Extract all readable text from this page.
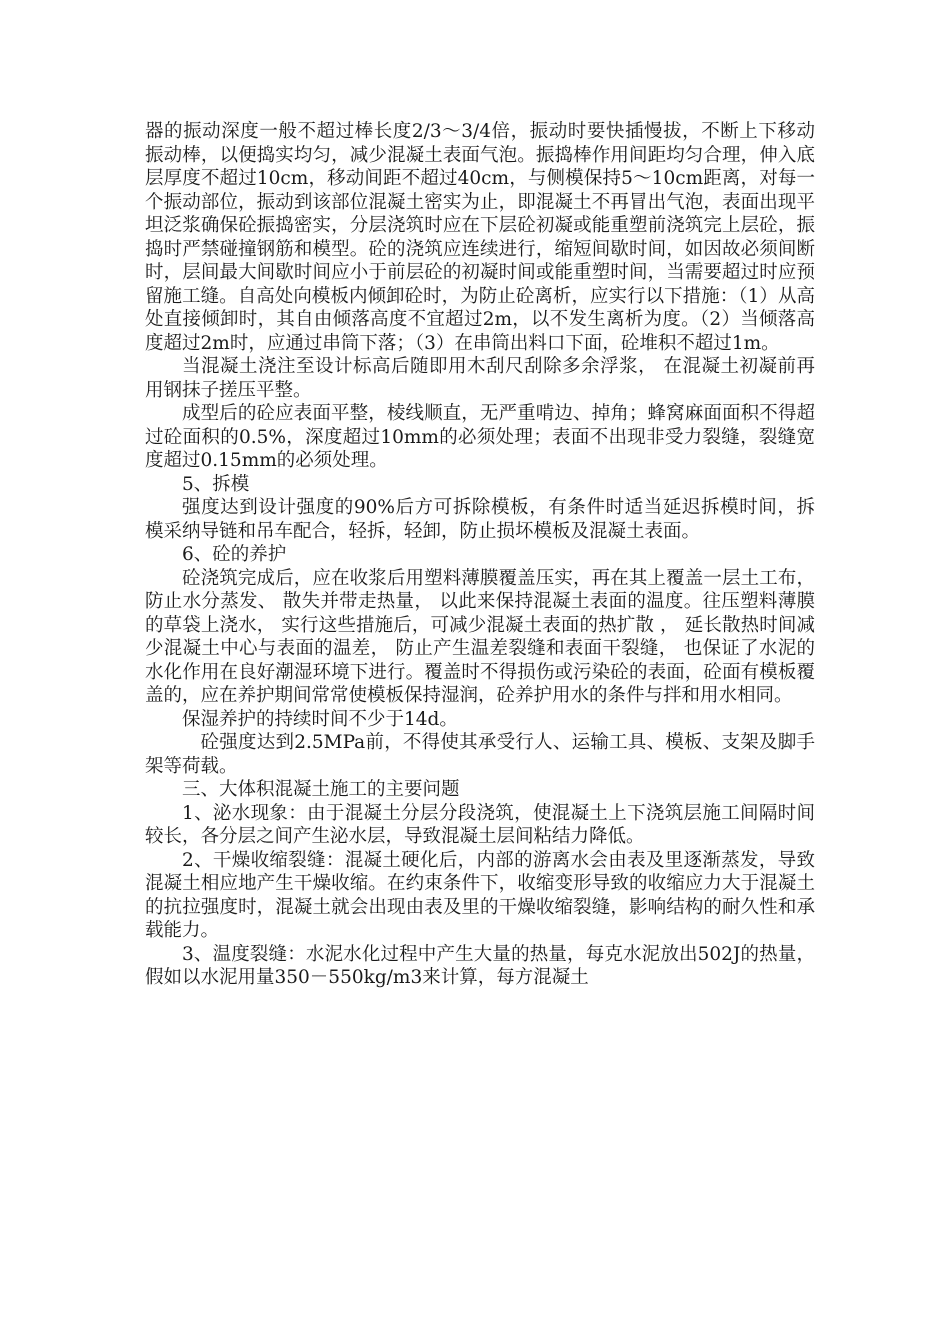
器的振动深度一般不超过棒长度2/3～3/4倍，振动时要快插慢拔，不断上下移动振动棒，以便捣实均匀，减少混凝土表面气泡。振捣棒作用间距均匀合理，伸入底层厚度不超过10cm，移动间距不超过40cm，与侧模保持5～10cm距离，对每一个振动部位，振动到该部位混凝土密实为止，即混凝土不再冒出气泡，表面出现平坦泛浆确保砼振捣密实，分层浇筑时应在下层砼初凝或能重塑前浇筑完上层砼，振捣时严禁碰撞钢筋和模型。砼的浇筑应连续进行，缩短间歇时间，如因故必须间断时，层间最大间歇时间应小于前层砼的初凝时间或能重塑时间，当需要超过时应预留施工缝。自高处向模板内倾卸砼时，为防止砼离析，应实行以下措施：（1）从高处直接倾卸时，其自由倾落高度不宜超过2m，以不发生离析为度。（2）当倾落高度超过2m时，应通过串筒下落；（3）在串筒出料口下面，砼堆积不超过1m。

当混凝土浇注至设计标高后随即用木刮尺刮除多余浮浆， 在混凝土初凝前再用钢抹子搓压平整。

成型后的砼应表面平整，棱线顺直，无严重啃边、掉角；蜂窝麻面面积不得超过砼面积的0.5%，深度超过10mm的必须处理；表面不出现非受力裂缝，裂缝宽度超过0.15mm的必须处理。

5、拆模

强度达到设计强度的90%后方可拆除模板，有条件时适当延迟拆模时间，拆模采纳导链和吊车配合，轻拆，轻卸，防止损坏模板及混凝土表面。

6、砼的养护

砼浇筑完成后，应在收浆后用塑料薄膜覆盖压实，再在其上覆盖一层土工布， 防止水分蒸发、 散失并带走热量， 以此来保持混凝土表面的温度。往压塑料薄膜的草袋上浇水， 实行这些措施后，可减少混凝土表面的热扩散 ， 延长散热时间减少混凝土中心与表面的温差， 防止产生温差裂缝和表面干裂缝， 也保证了水泥的水化作用在良好潮湿环境下进行。覆盖时不得损伤或污染砼的表面，砼面有模板覆盖的，应在养护期间常常使模板保持湿润，砼养护用水的条件与拌和用水相同。

保湿养护的持续时间不少于14d。

砼强度达到2.5MPa前，不得使其承受行人、运输工具、模板、支架及脚手架等荷载。

三、大体积混凝土施工的主要问题

1、泌水现象：由于混凝土分层分段浇筑，使混凝土上下浇筑层施工间隔时间较长，各分层之间产生泌水层，导致混凝土层间粘结力降低。

2、干燥收缩裂缝：混凝土硬化后，内部的游离水会由表及里逐渐蒸发，导致混凝土相应地产生干燥收缩。在约束条件下，收缩变形导致的收缩应力大于混凝土的抗拉强度时，混凝土就会出现由表及里的干燥收缩裂缝，影响结构的耐久性和承载能力。

3、温度裂缝：水泥水化过程中产生大量的热量，每克水泥放出502J的热量，假如以水泥用量350－550kg/m3来计算，每方混凝土
